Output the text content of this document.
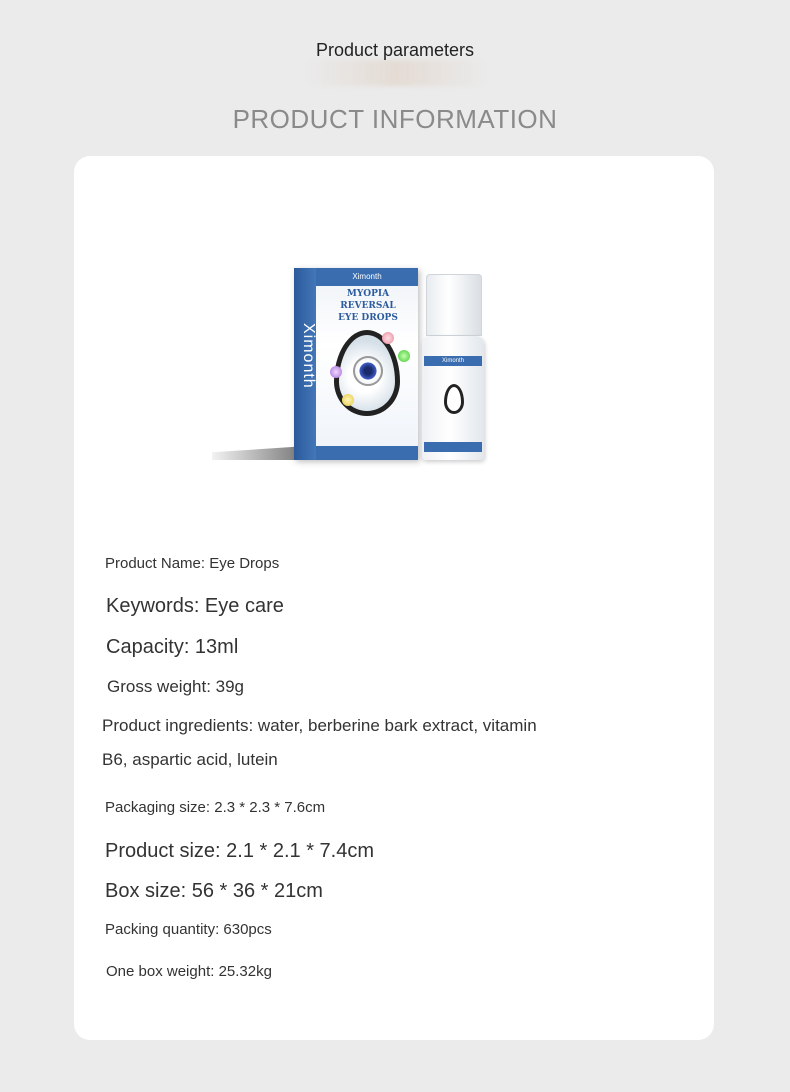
Product parameters
PRODUCT INFORMATION
Ximonth
Ximonth
MYOPIA
REVERSAL
EYE DROPS
Ximonth
Product Name: Eye Drops
Keywords: Eye care
Capacity: 13ml
Gross weight: 39g
Product ingredients: water, berberine bark extract, vitamin
B6, aspartic acid, lutein
Packaging size: 2.3 * 2.3 * 7.6cm
Product size: 2.1 * 2.1 * 7.4cm
Box size: 56 * 36 * 21cm
Packing quantity: 630pcs
One box weight: 25.32kg
